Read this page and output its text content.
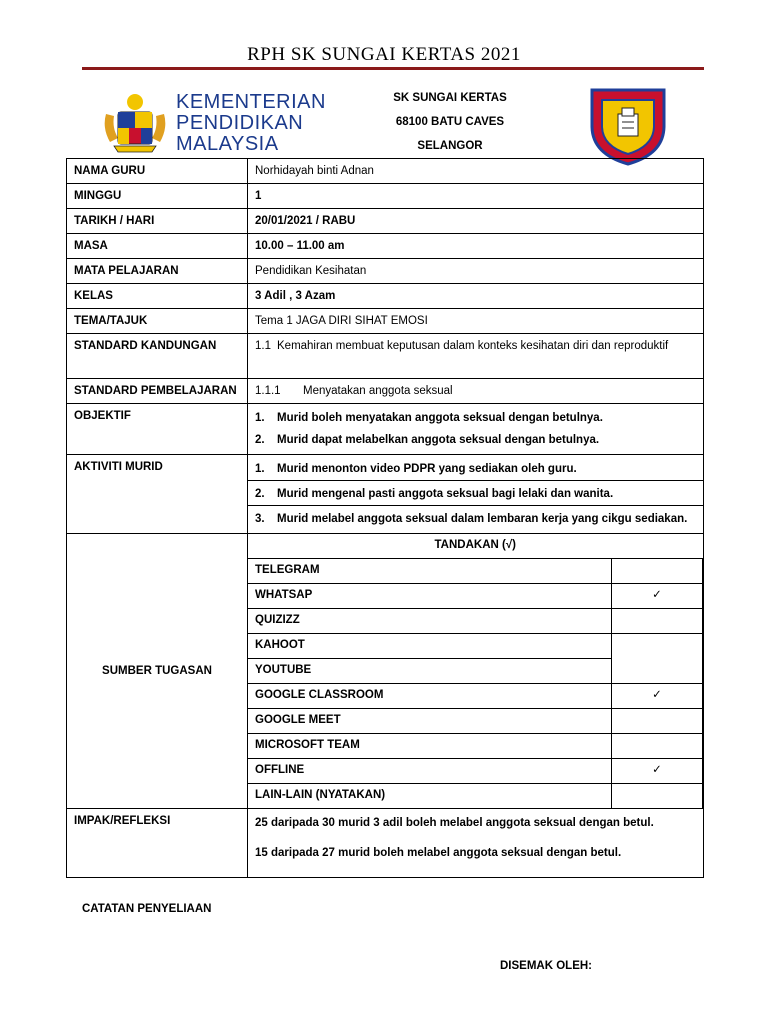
RPH SK SUNGAI KERTAS 2021
KEMENTERIAN
PENDIDIKAN
MALAYSIA
SK SUNGAI KERTAS
68100 BATU CAVES
SELANGOR
NAMA GURU	Norhidayah binti Adnan
MINGGU	1
TARIKH / HARI	20/01/2021 / RABU
MASA	10.00 – 11.00 am
MATA PELAJARAN	Pendidikan Kesihatan
KELAS	3 Adil , 3 Azam
TEMA/TAJUK	Tema 1 JAGA DIRI SIHAT EMOSI
STANDARD KANDUNGAN	1.1 Kemahiran membuat keputusan dalam konteks kesihatan diri dan reproduktif

STANDARD PEMBELAJARAN	1.1.1	Menyatakan anggota seksual

OBJEKTIF	1.	Murid boleh menyatakan anggota seksual dengan betulnya.
2.	Murid dapat melabelkan anggota seksual dengan betulnya.

AKTIVITI MURID	1.	Murid menonton video PDPR yang sediakan oleh guru.
2.	Murid mengenal pasti anggota seksual bagi lelaki dan wanita.
3.	Murid melabel anggota seksual dalam lembaran kerja yang cikgu sediakan.

SUMBER TUGASAN	
TANDAKAN (√)
TELEGRAM	
WHATSAP	✓
QUIZIZZ	
KAHOOT	
YOUTUBE	
GOOGLE CLASSROOM	✓
GOOGLE MEET	
MICROSOFT TEAM	
OFFLINE	✓
LAIN-LAIN (NYATAKAN)	

IMPAK/REFLEKSI	25 daripada 30 murid 3 adil boleh melabel anggota seksual dengan betul.

15 daripada 27 murid boleh melabel anggota seksual dengan betul.

CATATAN PENYELIAAN
DISEMAK OLEH:
